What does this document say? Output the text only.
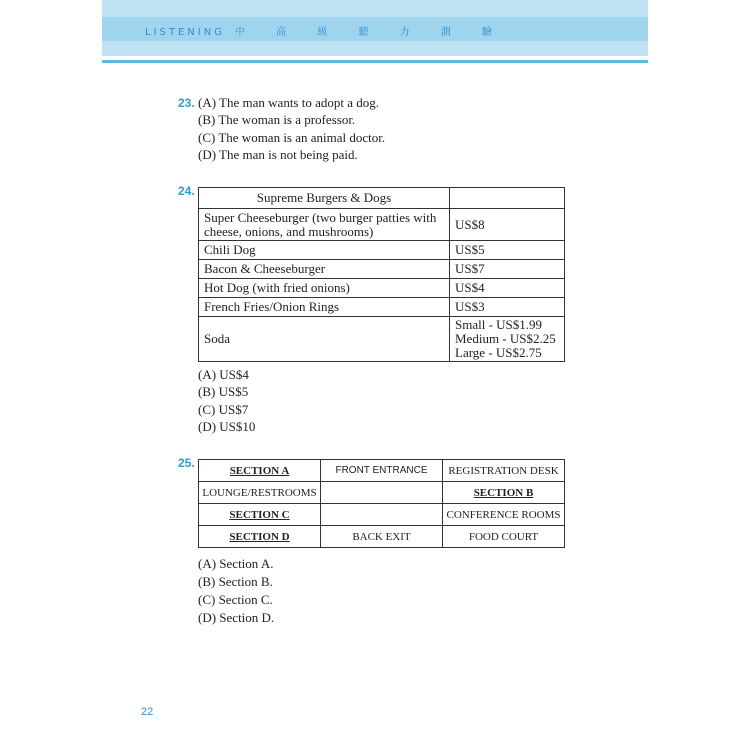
LISTENING 中 高 級 聽 力 測 驗
23. (A) The man wants to adopt a dog.
(B) The woman is a professor.
(C) The woman is an animal doctor.
(D) The man is not being paid.
24.	Supreme Burgers & Dogs	
Super Cheeseburger (two burger patties with cheese, onions, and mushrooms)	US$8
Chili Dog	US$5
Bacon & Cheeseburger	US$7
Hot Dog (with fried onions)	US$4
French Fries/Onion Rings	US$3
Soda	Small - US$1.99
Medium - US$2.25
Large - US$2.75
(A) US$4
(B) US$5
(C) US$7
(D) US$10
25.
SECTION A	FRONT ENTRANCE	REGISTRATION DESK
LOUNGE/RESTROOMS		SECTION B
SECTION C		CONFERENCE ROOMS
SECTION D	BACK EXIT	FOOD COURT
(A) Section A.
(B) Section B.
(C) Section C.
(D) Section D.
22
